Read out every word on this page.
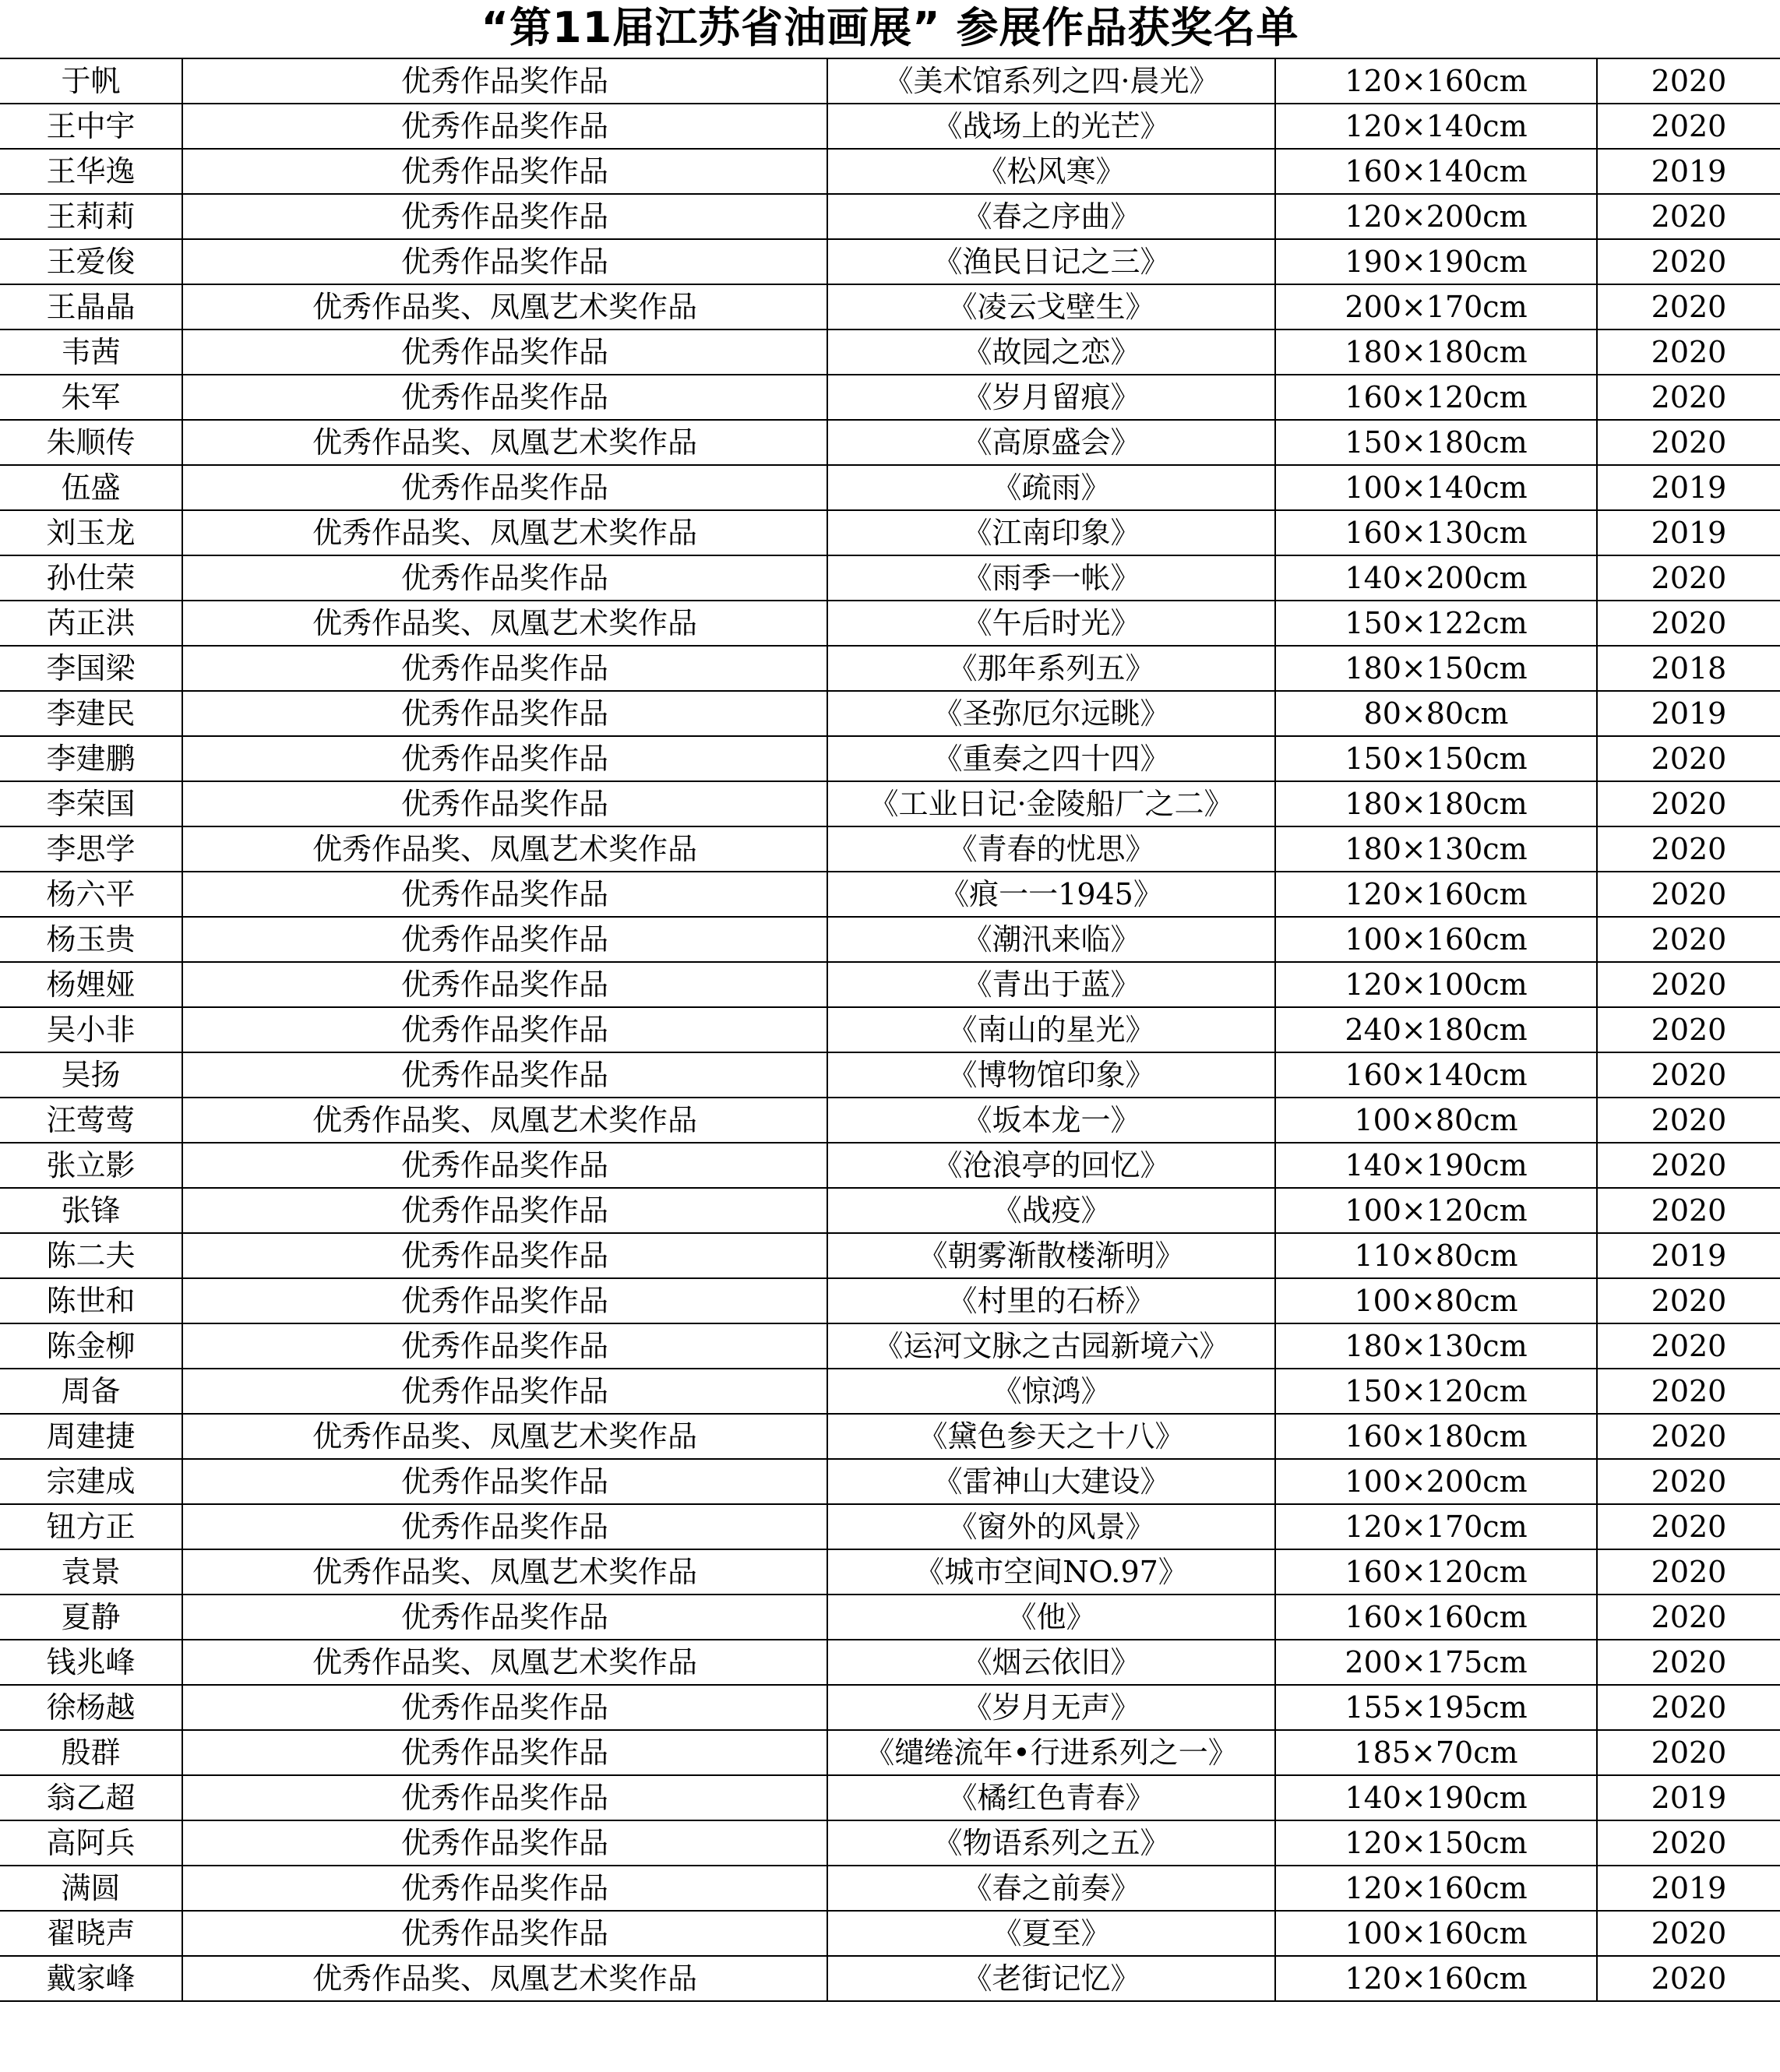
“第11届江苏省油画展” 参展作品获奖名单
于帆	优秀作品奖作品	《美术馆系列之四·晨光》	120×160cm	2020
王中宇	优秀作品奖作品	《战场上的光芒》	120×140cm	2020
王华逸	优秀作品奖作品	《松风寒》	160×140cm	2019
王莉莉	优秀作品奖作品	《春之序曲》	120×200cm	2020
王爱俊	优秀作品奖作品	《渔民日记之三》	190×190cm	2020
王晶晶	优秀作品奖、凤凰艺术奖作品	《凌云戈壁生》	200×170cm	2020
韦茜	优秀作品奖作品	《故园之恋》	180×180cm	2020
朱军	优秀作品奖作品	《岁月留痕》	160×120cm	2020
朱顺传	优秀作品奖、凤凰艺术奖作品	《高原盛会》	150×180cm	2020
伍盛	优秀作品奖作品	《疏雨》	100×140cm	2019
刘玉龙	优秀作品奖、凤凰艺术奖作品	《江南印象》	160×130cm	2019
孙仕荣	优秀作品奖作品	《雨季一帐》	140×200cm	2020
芮正洪	优秀作品奖、凤凰艺术奖作品	《午后时光》	150×122cm	2020
李国梁	优秀作品奖作品	《那年系列五》	180×150cm	2018
李建民	优秀作品奖作品	《圣弥厄尔远眺》	80×80cm	2019
李建鹏	优秀作品奖作品	《重奏之四十四》	150×150cm	2020
李荣国	优秀作品奖作品	《工业日记·金陵船厂之二》	180×180cm	2020
李思学	优秀作品奖、凤凰艺术奖作品	《青春的忧思》	180×130cm	2020
杨六平	优秀作品奖作品	《痕一一1945》	120×160cm	2020
杨玉贵	优秀作品奖作品	《潮汛来临》	100×160cm	2020
杨娌娅	优秀作品奖作品	《青出于蓝》	120×100cm	2020
吴小非	优秀作品奖作品	《南山的星光》	240×180cm	2020
吴扬	优秀作品奖作品	《博物馆印象》	160×140cm	2020
汪莺莺	优秀作品奖、凤凰艺术奖作品	《坂本龙一》	100×80cm	2020
张立影	优秀作品奖作品	《沧浪亭的回忆》	140×190cm	2020
张锋	优秀作品奖作品	《战疫》	100×120cm	2020
陈二夫	优秀作品奖作品	《朝雾渐散楼渐明》	110×80cm	2019
陈世和	优秀作品奖作品	《村里的石桥》	100×80cm	2020
陈金柳	优秀作品奖作品	《运河文脉之古园新境六》	180×130cm	2020
周备	优秀作品奖作品	《惊鸿》	150×120cm	2020
周建捷	优秀作品奖、凤凰艺术奖作品	《黛色参天之十八》	160×180cm	2020
宗建成	优秀作品奖作品	《雷神山大建设》	100×200cm	2020
钮方正	优秀作品奖作品	《窗外的风景》	120×170cm	2020
袁景	优秀作品奖、凤凰艺术奖作品	《城市空间NO.97》	160×120cm	2020
夏静	优秀作品奖作品	《他》	160×160cm	2020
钱兆峰	优秀作品奖、凤凰艺术奖作品	《烟云依旧》	200×175cm	2020
徐杨越	优秀作品奖作品	《岁月无声》	155×195cm	2020
殷群	优秀作品奖作品	《缱绻流年•行进系列之一》	185×70cm	2020
翁乙超	优秀作品奖作品	《橘红色青春》	140×190cm	2019
高阿兵	优秀作品奖作品	《物语系列之五》	120×150cm	2020
满圆	优秀作品奖作品	《春之前奏》	120×160cm	2019
翟晓声	优秀作品奖作品	《夏至》	100×160cm	2020
戴家峰	优秀作品奖、凤凰艺术奖作品	《老街记忆》	120×160cm	2020
